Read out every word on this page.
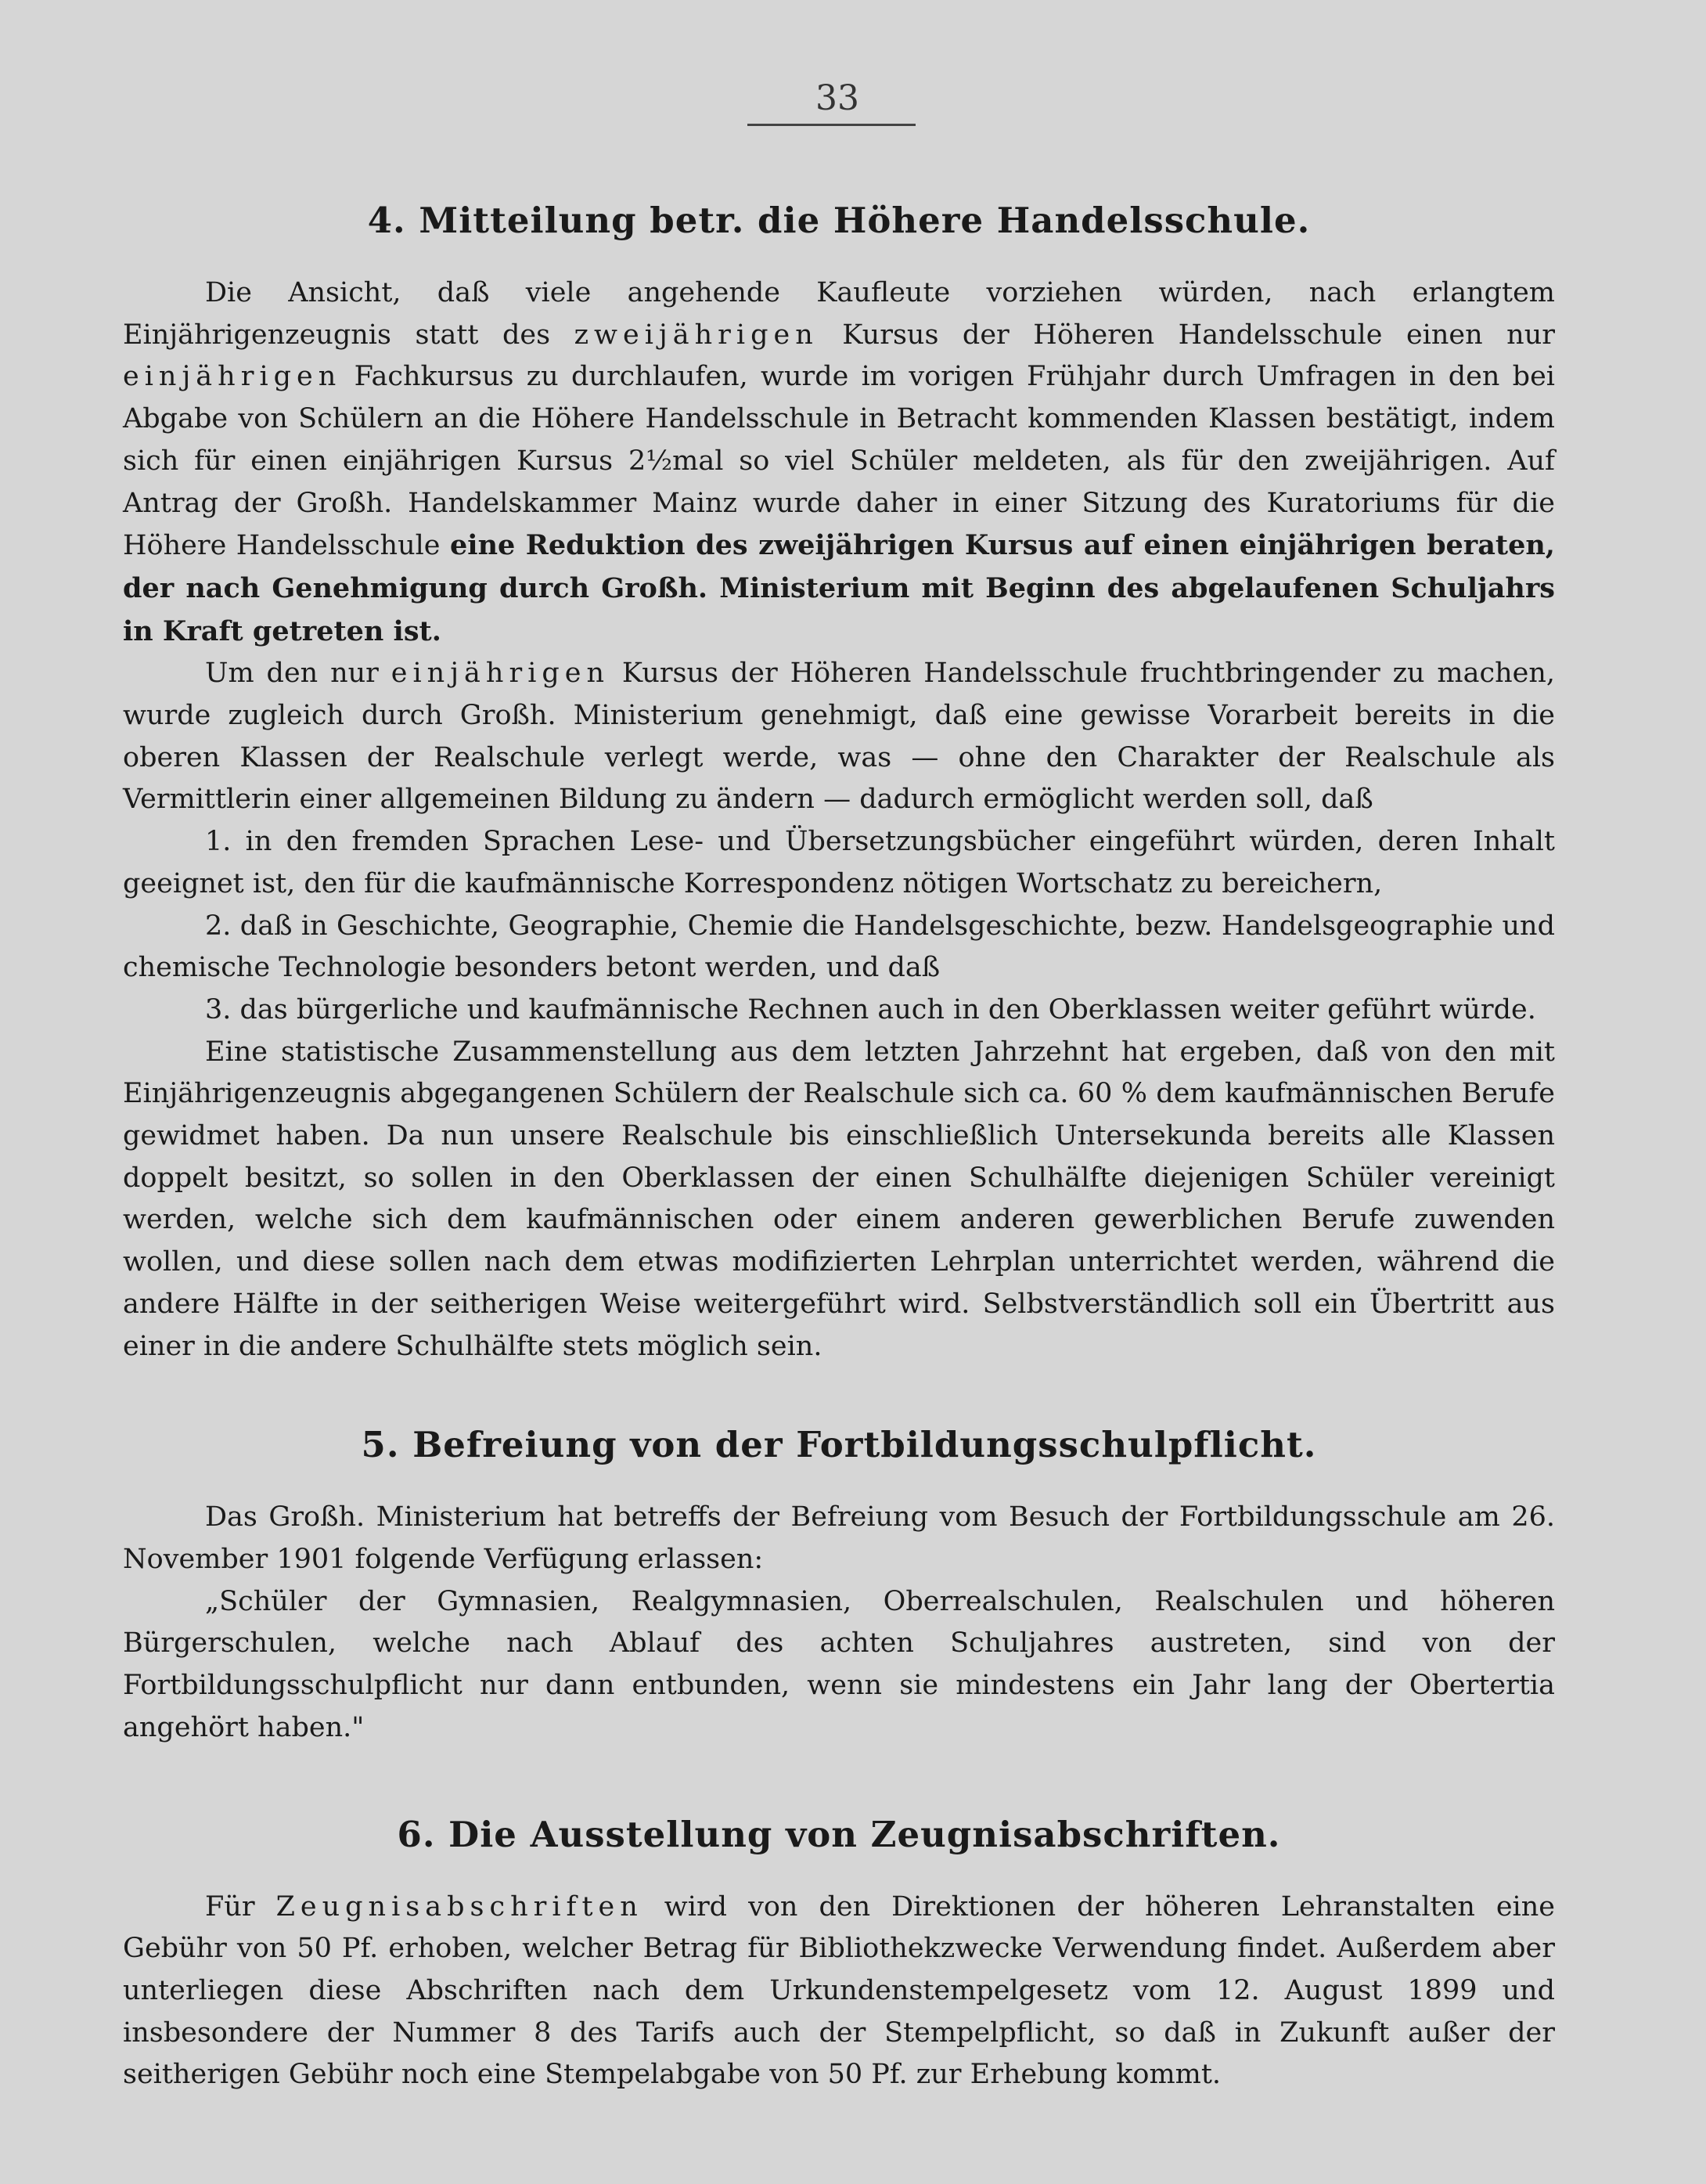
33
4. Mitteilung betr. die Höhere Handelsschule.

Die Ansicht, daß viele angehende Kaufleute vorziehen würden, nach erlangtem Einjährigenzeugnis statt des zweijährigen Kursus der Höheren Handelsschule einen nur einjährigen Fachkursus zu durchlaufen, wurde im vorigen Frühjahr durch Umfragen in den bei Abgabe von Schülern an die Höhere Handelsschule in Betracht kommenden Klassen bestätigt, indem sich für einen einjährigen Kursus 2½mal so viel Schüler meldeten, als für den zweijährigen. Auf Antrag der Großh. Handelskammer Mainz wurde daher in einer Sitzung des Kuratoriums für die Höhere Handelsschule eine Reduktion des zweijährigen Kursus auf einen einjährigen beraten, der nach Genehmigung durch Großh. Ministerium mit Beginn des abgelaufenen Schuljahrs in Kraft getreten ist.

Um den nur einjährigen Kursus der Höheren Handelsschule fruchtbringender zu machen, wurde zugleich durch Großh. Ministerium genehmigt, daß eine gewisse Vorarbeit bereits in die oberen Klassen der Realschule verlegt werde, was — ohne den Charakter der Realschule als Vermittlerin einer allgemeinen Bildung zu ändern — dadurch ermöglicht werden soll, daß

1. in den fremden Sprachen Lese- und Übersetzungsbücher eingeführt würden, deren Inhalt geeignet ist, den für die kaufmännische Korrespondenz nötigen Wortschatz zu bereichern,

2. daß in Geschichte, Geographie, Chemie die Handelsgeschichte, bezw. Handelsgeographie und chemische Technologie besonders betont werden, und daß

3. das bürgerliche und kaufmännische Rechnen auch in den Oberklassen weiter geführt würde.

Eine statistische Zusammenstellung aus dem letzten Jahrzehnt hat ergeben, daß von den mit Einjährigenzeugnis abgegangenen Schülern der Realschule sich ca. 60 % dem kaufmännischen Berufe gewidmet haben. Da nun unsere Realschule bis einschließlich Untersekunda bereits alle Klassen doppelt besitzt, so sollen in den Oberklassen der einen Schulhälfte diejenigen Schüler vereinigt werden, welche sich dem kaufmännischen oder einem anderen gewerblichen Berufe zuwenden wollen, und diese sollen nach dem etwas modifizierten Lehrplan unterrichtet werden, während die andere Hälfte in der seitherigen Weise weitergeführt wird. Selbstverständlich soll ein Übertritt aus einer in die andere Schulhälfte stets möglich sein.

5. Befreiung von der Fortbildungsschulpflicht.

Das Großh. Ministerium hat betreffs der Befreiung vom Besuch der Fortbildungsschule am 26. November 1901 folgende Verfügung erlassen:

„Schüler der Gymnasien, Realgymnasien, Oberrealschulen, Realschulen und höheren Bürgerschulen, welche nach Ablauf des achten Schuljahres austreten, sind von der Fortbildungsschulpflicht nur dann entbunden, wenn sie mindestens ein Jahr lang der Obertertia angehört haben."

6. Die Ausstellung von Zeugnisabschriften.

Für Zeugnisabschriften wird von den Direktionen der höheren Lehranstalten eine Gebühr von 50 Pf. erhoben, welcher Betrag für Bibliothekzwecke Verwendung findet. Außerdem aber unterliegen diese Abschriften nach dem Urkundenstempelgesetz vom 12. August 1899 und insbesondere der Nummer 8 des Tarifs auch der Stempelpflicht, so daß in Zukunft außer der seitherigen Gebühr noch eine Stempelabgabe von 50 Pf. zur Erhebung kommt.
